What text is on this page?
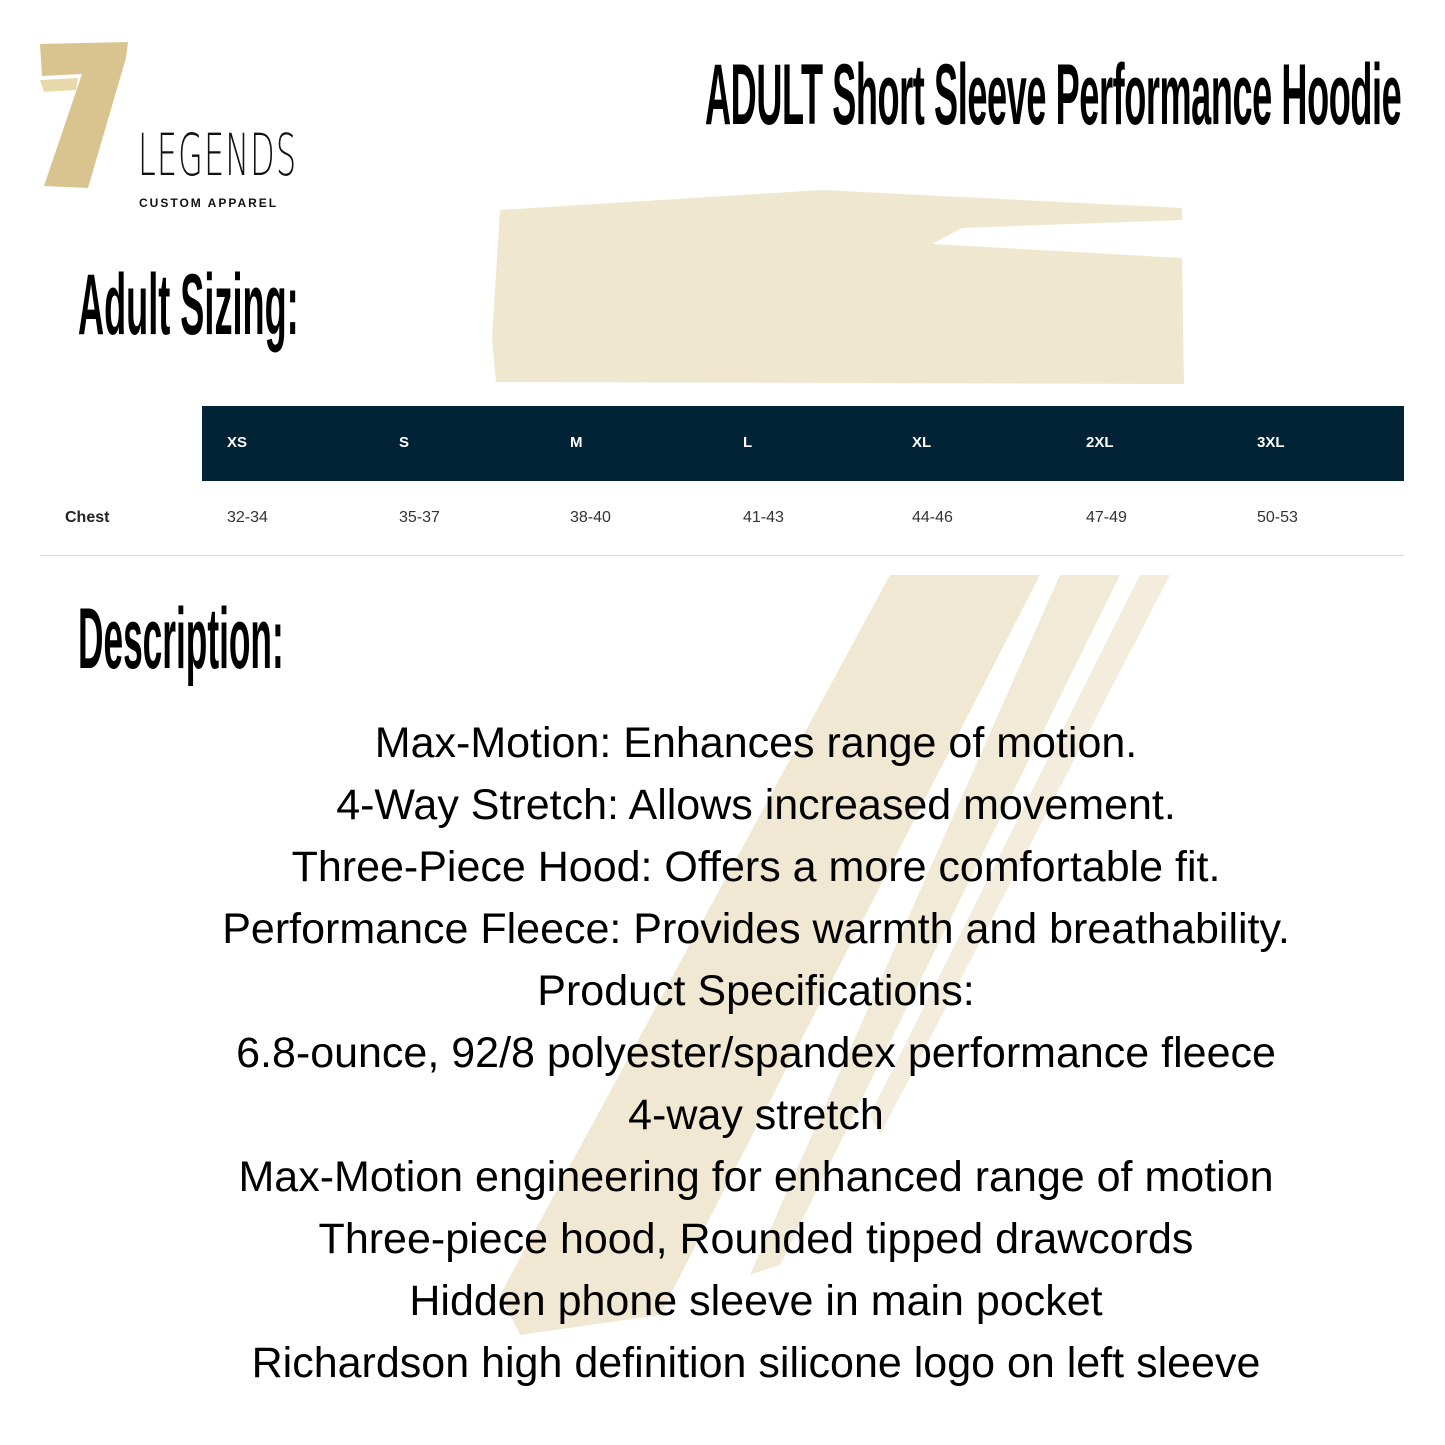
LEGENDS
CUSTOM APPAREL
ADULT Short Sleeve Performance Hoodie
Adult Sizing:
XS	S	M	L	XL	2XL	3XL
Chest	32-34	35-37	38-40	41-43	44-46	47-49	50-53
Description:
Max-Motion: Enhances range of motion.
4-Way Stretch: Allows increased movement.
Three-Piece Hood: Offers a more comfortable fit.
Performance Fleece: Provides warmth and breathability.
Product Specifications:
6.8-ounce, 92/8 polyester/spandex performance fleece
4-way stretch
Max-Motion engineering for enhanced range of motion
Three-piece hood, Rounded tipped drawcords
Hidden phone sleeve in main pocket
Richardson high definition silicone logo on left sleeve
